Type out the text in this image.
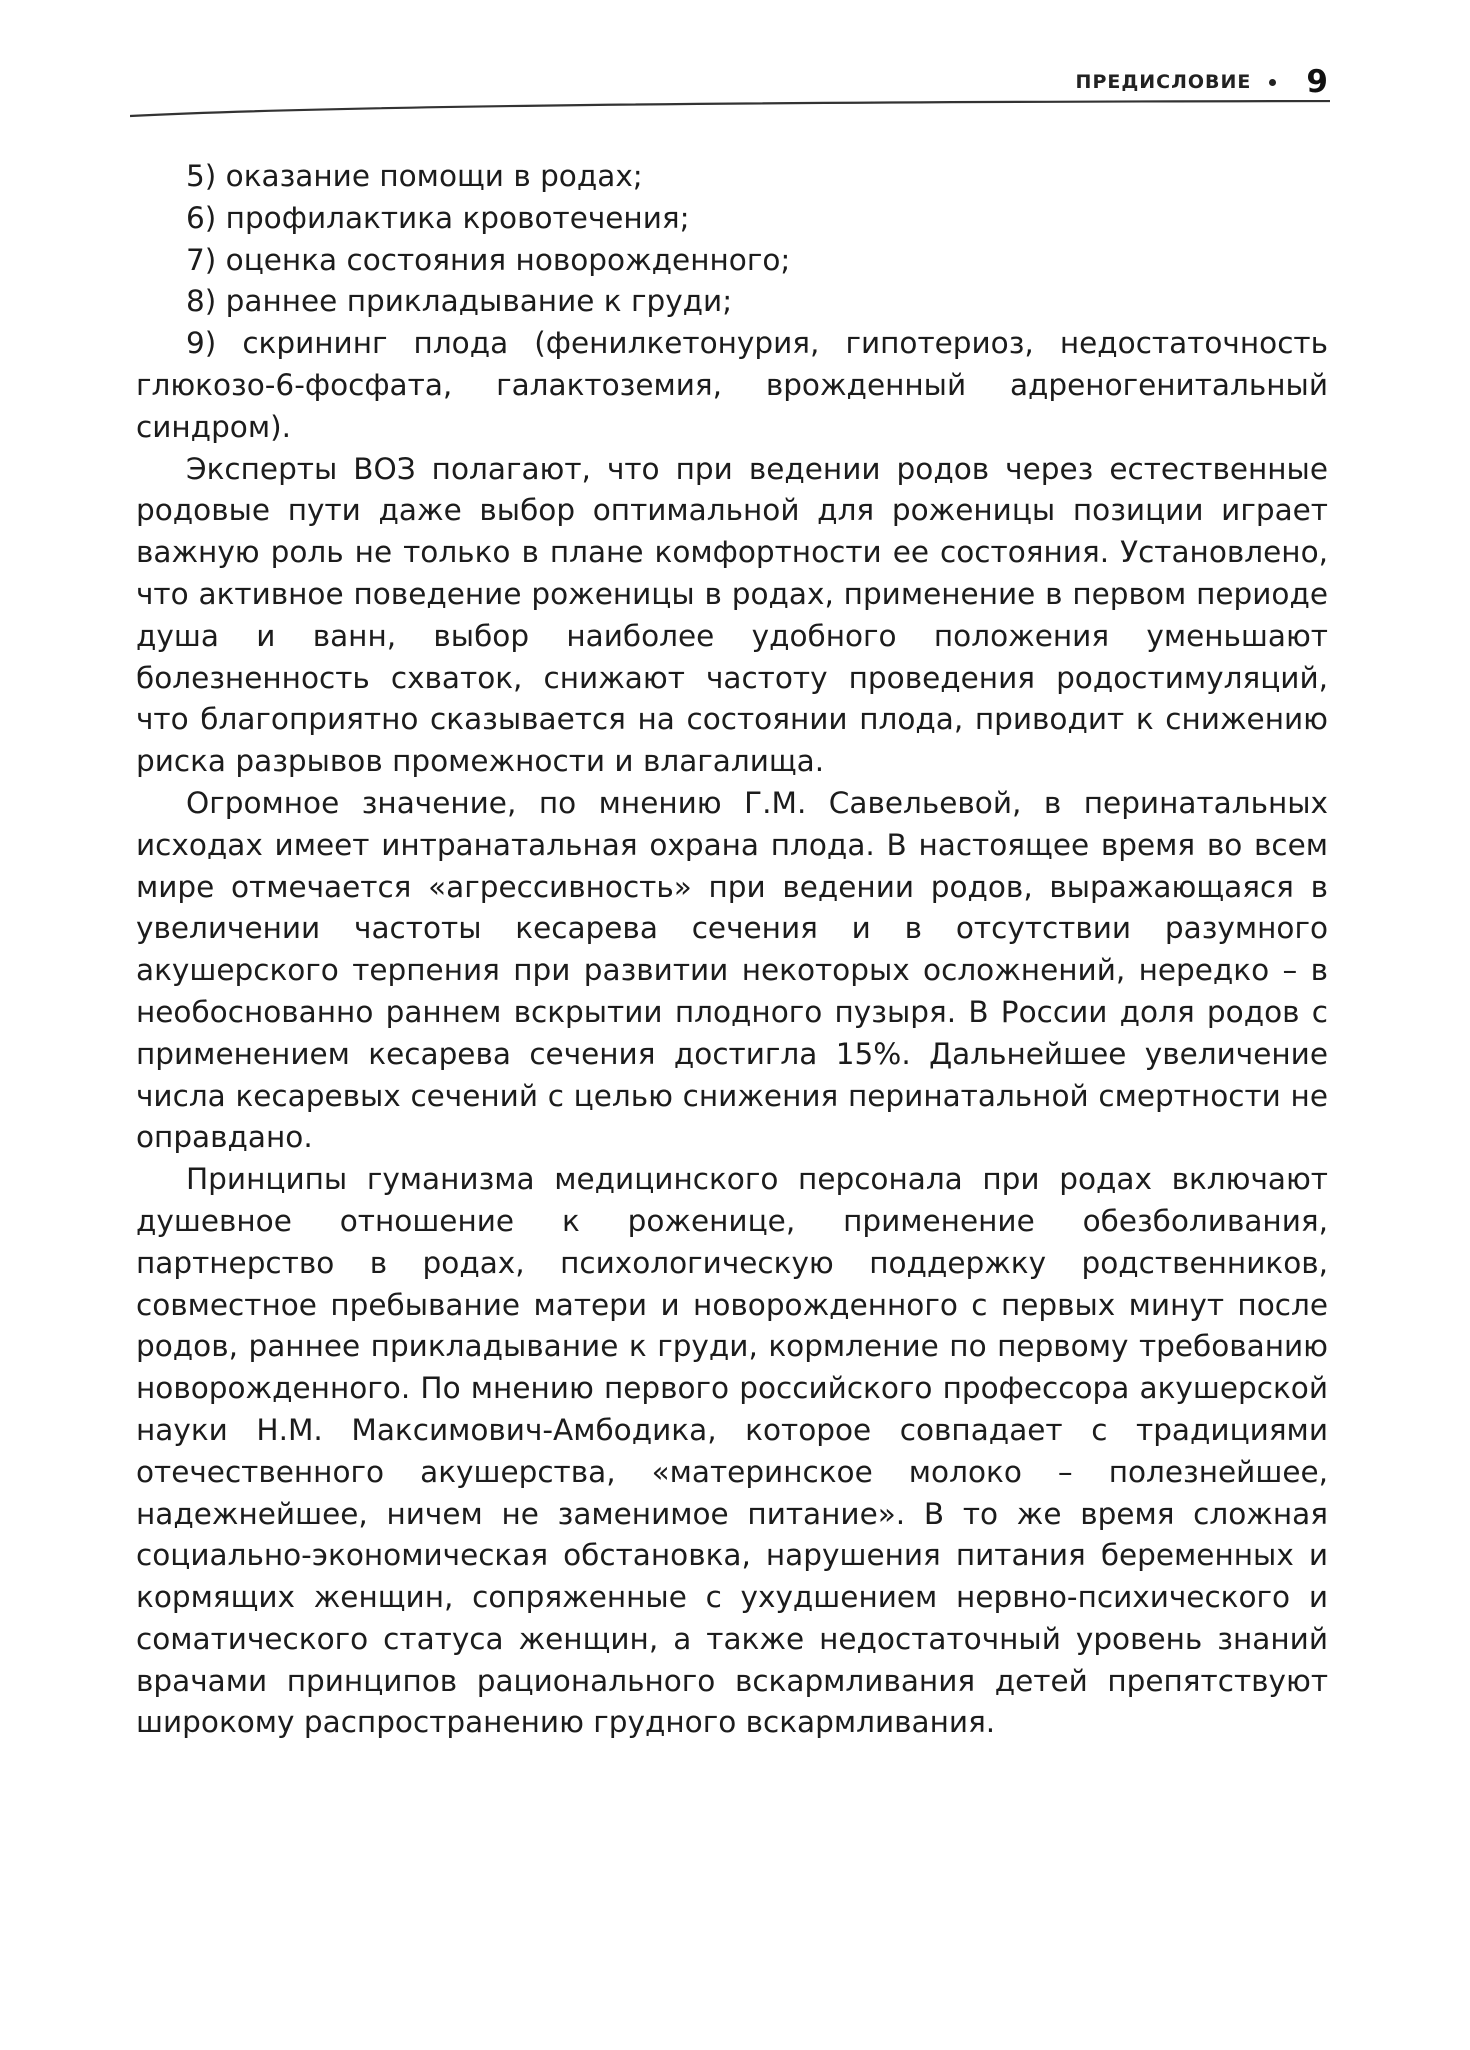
ПРЕДИСЛОВИЕ 9

5) оказание помощи в родах;

6) профилактика кровотечения;

7) оценка состояния новорожденного;

8) раннее прикладывание к груди;

9) скрининг плода (фенилкетонурия, гипотериоз, недостаточность глюкозо-6-фосфата, галактоземия, врожденный адреногенитальный синдром).

Эксперты ВОЗ полагают, что при ведении родов через естественные родовые пути даже выбор оптимальной для роженицы позиции играет важную роль не только в плане комфортности ее состояния. Установлено, что активное поведение роженицы в родах, применение в первом периоде душа и ванн, выбор наиболее удобного положения уменьшают болезненность схваток, снижают частоту проведения родостимуляций, что благоприятно сказывается на состоянии плода, приводит к снижению риска разрывов промежности и влагалища.

Огромное значение, по мнению Г.М. Савельевой, в перинатальных исходах имеет интранатальная охрана плода. В настоящее время во всем мире отмечается «агрессивность» при ведении родов, выражающаяся в увеличении частоты кесарева сечения и в отсутствии разумного акушерского терпения при развитии некоторых осложнений, нередко – в необоснованно раннем вскрытии плодного пузыря. В России доля родов с применением кесарева сечения достигла 15%. Дальнейшее увеличение числа кесаревых сечений с целью снижения перинатальной смертности не оправдано.

Принципы гуманизма медицинского персонала при родах включают душевное отношение к роженице, применение обезболивания, партнерство в родах, психологическую поддержку родственников, совместное пребывание матери и новорожденного с первых минут после родов, раннее прикладывание к груди, кормление по первому требованию новорожденного. По мнению первого российского профессора акушерской науки Н.М. Максимович-Амбодика, которое совпадает с традициями отечественного акушерства, «материнское молоко – полезнейшее, надежнейшее, ничем не заменимое питание». В то же время сложная социально-экономическая обстановка, нарушения питания беременных и кормящих женщин, сопряженные с ухудшением нервно-психического и соматического статуса женщин, а также недостаточный уровень знаний врачами принципов рационального вскармливания детей препятствуют широкому распространению грудного вскармливания.
